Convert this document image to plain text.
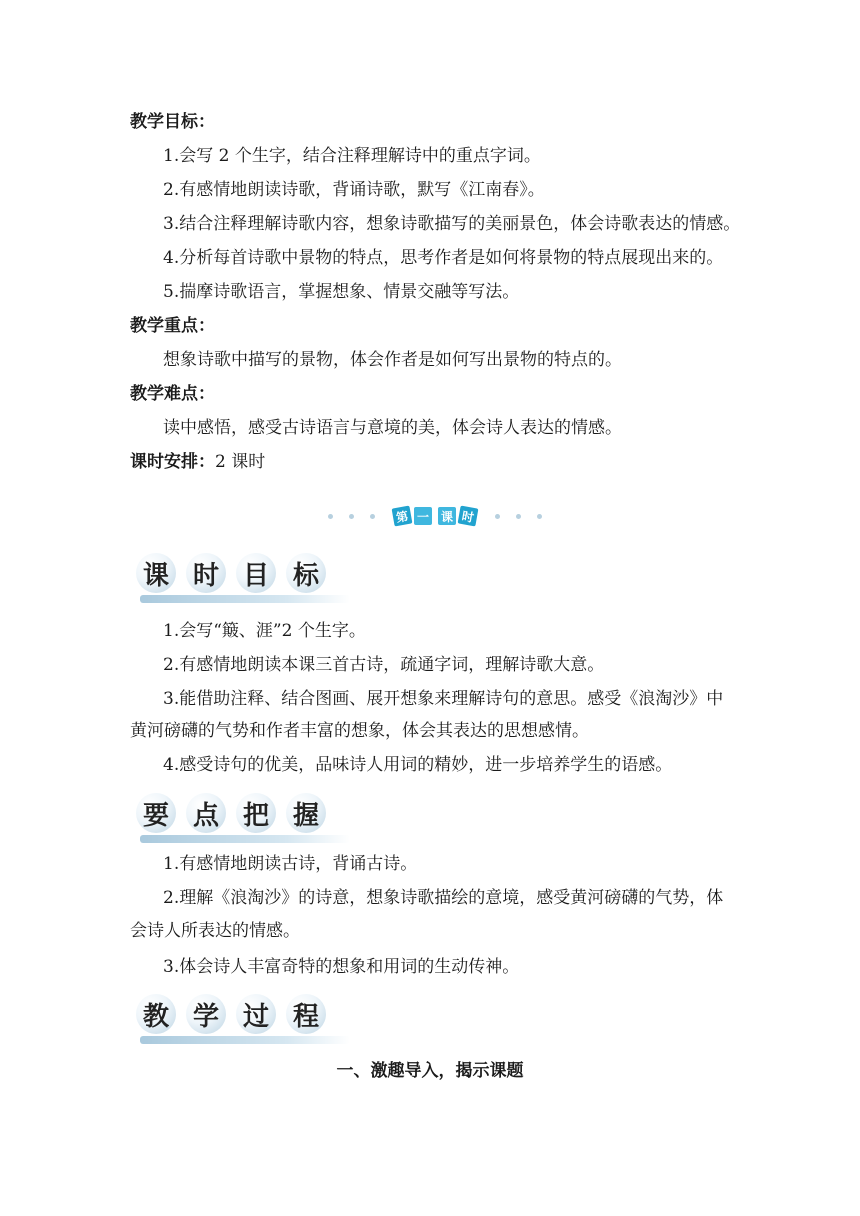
教学目标：
1.会写 2 个生字，结合注释理解诗中的重点字词。
2.有感情地朗读诗歌，背诵诗歌，默写《江南春》。
3.结合注释理解诗歌内容，想象诗歌描写的美丽景色，体会诗歌表达的情感。
4.分析每首诗歌中景物的特点，思考作者是如何将景物的特点展现出来的。
5.揣摩诗歌语言，掌握想象、情景交融等写法。
教学重点：
想象诗歌中描写的景物，体会作者是如何写出景物的特点的。
教学难点：
读中感悟，感受古诗语言与意境的美，体会诗人表达的情感。
课时安排：2 课时
第 一 课 时
课 时 目 标
1.会写“簸、涯”2 个生字。
2.有感情地朗读本课三首古诗，疏通字词，理解诗歌大意。
3.能借助注释、结合图画、展开想象来理解诗句的意思。感受《浪淘沙》中
黄河磅礴的气势和作者丰富的想象，体会其表达的思想感情。
4.感受诗句的优美，品味诗人用词的精妙，进一步培养学生的语感。
要 点 把 握
1.有感情地朗读古诗，背诵古诗。
2.理解《浪淘沙》的诗意，想象诗歌描绘的意境，感受黄河磅礴的气势，体
会诗人所表达的情感。
3.体会诗人丰富奇特的想象和用词的生动传神。
教 学 过 程
一、激趣导入，揭示课题
